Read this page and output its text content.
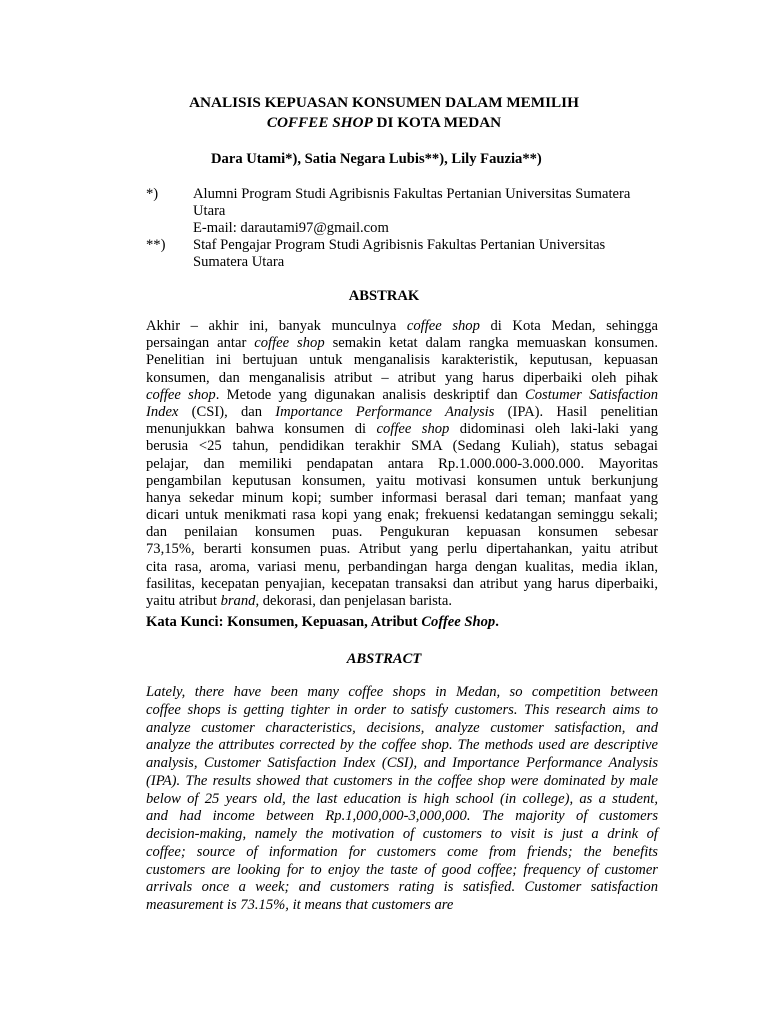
ANALISIS KEPUASAN KONSUMEN DALAM MEMILIH
COFFEE SHOP DI KOTA MEDAN
Dara Utami*), Satia Negara Lubis**), Lily Fauzia**)
*) Alumni Program Studi Agribisnis Fakultas Pertanian Universitas Sumatera
Utara
E-mail: darautami97@gmail.com
**) Staf Pengajar Program Studi Agribisnis Fakultas Pertanian Universitas
Sumatera Utara
ABSTRAK
Akhir – akhir ini, banyak munculnya coffee shop di Kota Medan, sehingga
persaingan antar coffee shop semakin ketat dalam rangka memuaskan konsumen.
Penelitian ini bertujuan untuk menganalisis karakteristik, keputusan, kepuasan
konsumen, dan menganalisis atribut – atribut yang harus diperbaiki oleh pihak
coffee shop. Metode yang digunakan analisis deskriptif dan Costumer Satisfaction
Index (CSI), dan Importance Performance Analysis (IPA). Hasil penelitian
menunjukkan bahwa konsumen di coffee shop didominasi oleh laki-laki yang
berusia <25 tahun, pendidikan terakhir SMA (Sedang Kuliah), status sebagai
pelajar, dan memiliki pendapatan antara Rp.1.000.000-3.000.000. Mayoritas
pengambilan keputusan konsumen, yaitu motivasi konsumen untuk berkunjung
hanya sekedar minum kopi; sumber informasi berasal dari teman; manfaat yang
dicari untuk menikmati rasa kopi yang enak; frekuensi kedatangan seminggu sekali;
dan penilaian konsumen puas. Pengukuran kepuasan konsumen sebesar
73,15%, berarti konsumen puas. Atribut yang perlu dipertahankan, yaitu atribut
cita rasa, aroma, variasi menu, perbandingan harga dengan kualitas, media iklan,
fasilitas, kecepatan penyajian, kecepatan transaksi dan atribut yang harus diperbaiki,
yaitu atribut brand, dekorasi, dan penjelasan barista.
Kata Kunci: Konsumen, Kepuasan, Atribut Coffee Shop.
ABSTRACT
Lately, there have been many coffee shops in Medan, so competition between
coffee shops is getting tighter in order to satisfy customers. This research aims to
analyze customer characteristics, decisions, analyze customer satisfaction, and
analyze the attributes corrected by the coffee shop. The methods used are descriptive
analysis, Customer Satisfaction Index (CSI), and Importance Performance Analysis
(IPA). The results showed that customers in the coffee shop were dominated by male
below of 25 years old, the last education is high school (in college), as a student,
and had income between Rp.1,000,000-3,000,000. The majority of customers
decision-making, namely the motivation of customers to visit is just a drink of
coffee; source of information for customers come from friends; the benefits
customers are looking for to enjoy the taste of good coffee; frequency of customer
arrivals once a week; and customers rating is satisfied. Customer satisfaction
measurement is 73.15%, it means that customers are
